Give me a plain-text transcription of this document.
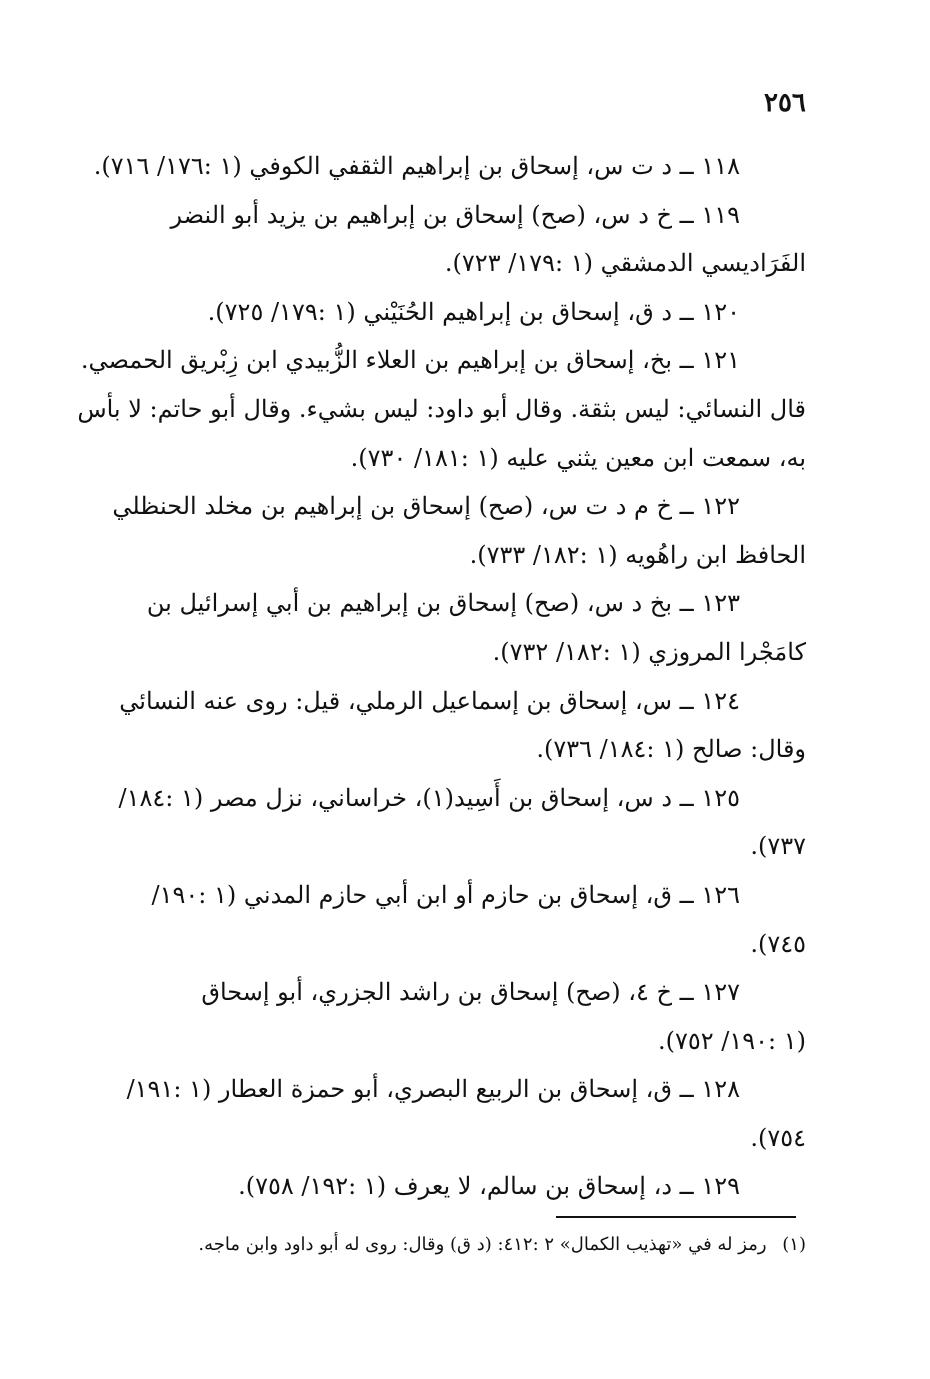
٢٥٦
١١٨ ــ د ت س، إسحاق بن إبراهيم الثقفي الكوفي (١ :١٧٦/ ٧١٦).
١١٩ ــ خ د س، (صح) إسحاق بن إبراهيم بن يزيد أبو النضر
الفَرَاديسي الدمشقي (١ :١٧٩/ ٧٢٣).
١٢٠ ــ د ق، إسحاق بن إبراهيم الحُنَيْني (١ :١٧٩/ ٧٢٥).
١٢١ ــ بخ، إسحاق بن إبراهيم بن العلاء الزُّبيدي ابن زِبْريق الحمصي.
قال النسائي: ليس بثقة. وقال أبو داود: ليس بشيء. وقال أبو حاتم: لا بأس
به، سمعت ابن معين يثني عليه (١ :١٨١/ ٧٣٠).
١٢٢ ــ خ م د ت س، (صح) إسحاق بن إبراهيم بن مخلد الحنظلي
الحافظ ابن راهُويه (١ :١٨٢/ ٧٣٣).
١٢٣ ــ بخ د س، (صح) إسحاق بن إبراهيم بن أبي إسرائيل بن
كامَجْرا المروزي (١ :١٨٢/ ٧٣٢).
١٢٤ ــ س، إسحاق بن إسماعيل الرملي، قيل: روى عنه النسائي
وقال: صالح (١ :١٨٤/ ٧٣٦).
١٢٥ ــ د س، إسحاق بن أَسِيد(١)، خراساني، نزل مصر (١ :١٨٤/
٧٣٧).
١٢٦ ــ ق، إسحاق بن حازم أو ابن أبي حازم المدني (١ :١٩٠/
٧٤٥).
١٢٧ ــ خ ٤، (صح) إسحاق بن راشد الجزري، أبو إسحاق
(١ :١٩٠/ ٧٥٢).
١٢٨ ــ ق، إسحاق بن الربيع البصري، أبو حمزة العطار (١ :١٩١/
٧٥٤).
١٢٩ ــ د، إسحاق بن سالم، لا يعرف (١ :١٩٢/ ٧٥٨).
(١) رمز له في «تهذيب الكمال» ٢ :٤١٢: (د ق) وقال: روى له أبو داود وابن ماجه.
